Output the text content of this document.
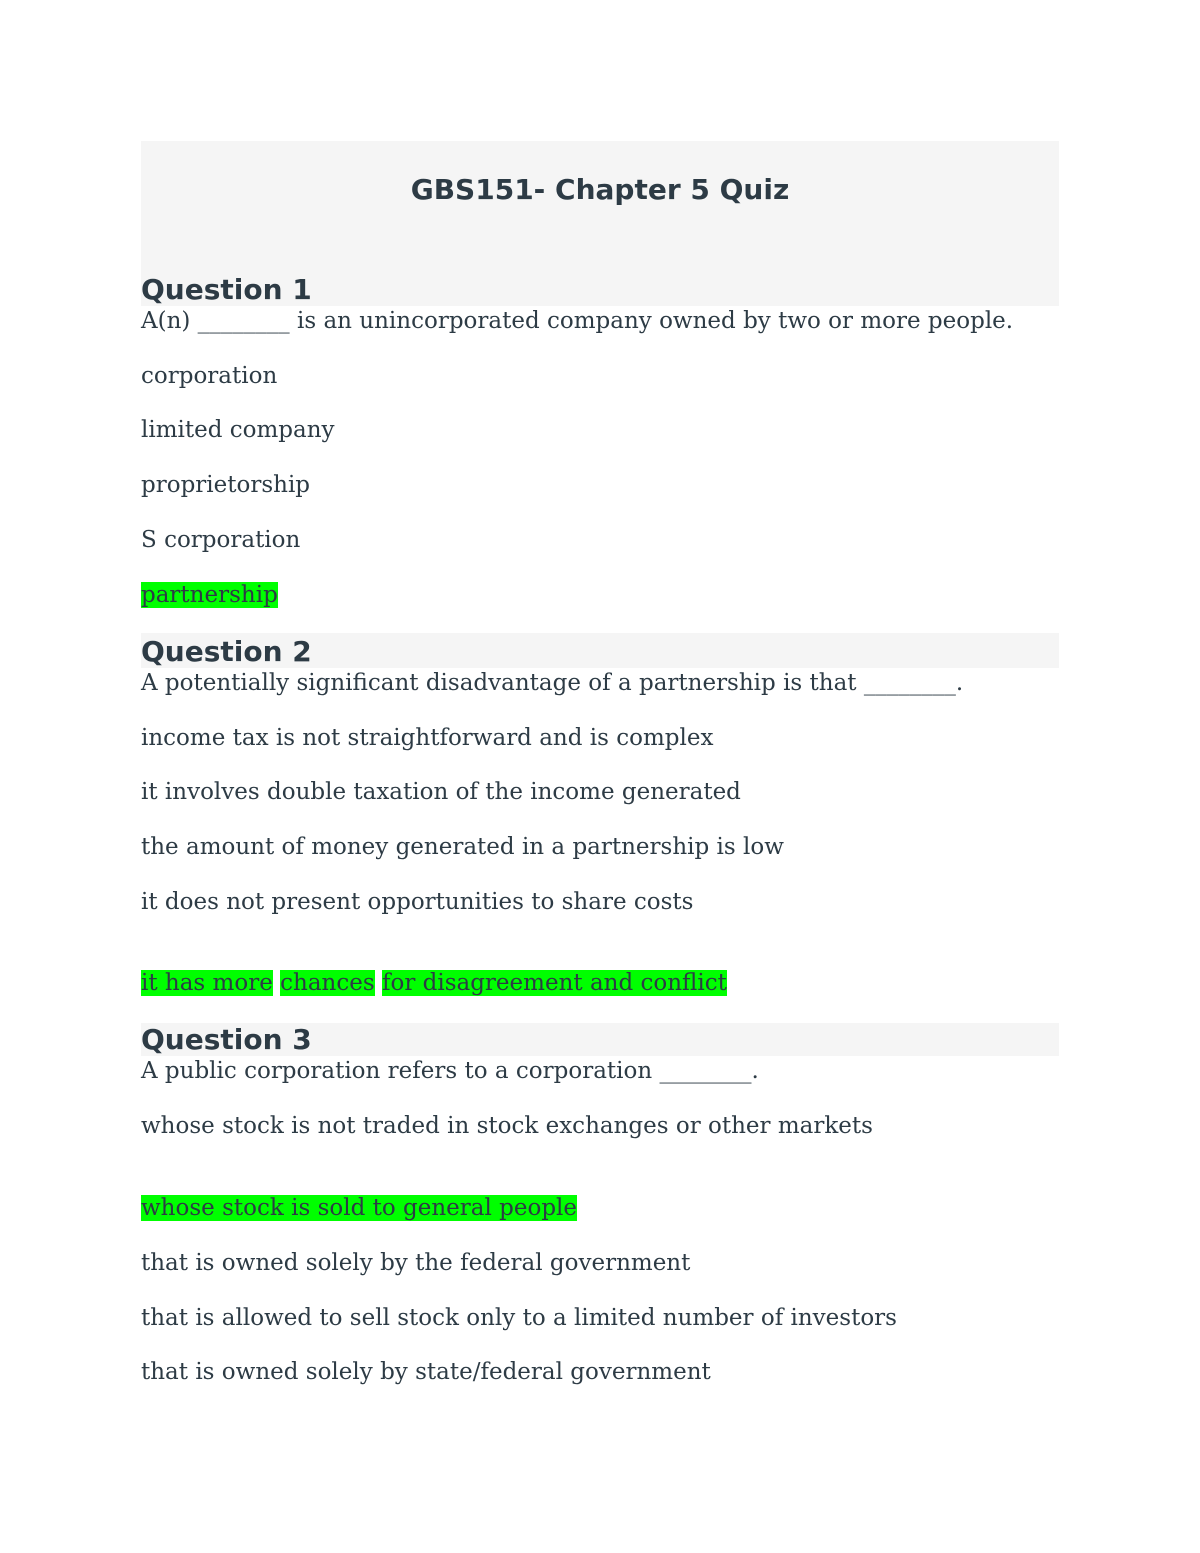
GBS151- Chapter 5 Quiz
Question 1

A(n) ________ is an unincorporated company owned by two or more people.

corporation

limited company

proprietorship

S corporation

partnership

Question 2

A potentially significant disadvantage of a partnership is that ________.

income tax is not straightforward and is complex

it involves double taxation of the income generated

the amount of money generated in a partnership is low

it does not present opportunities to share costs

it has more chances for disagreement and conflict

Question 3

A public corporation refers to a corporation ________.

whose stock is not traded in stock exchanges or other markets

whose stock is sold to general people

that is owned solely by the federal government

that is allowed to sell stock only to a limited number of investors

that is owned solely by state/federal government
